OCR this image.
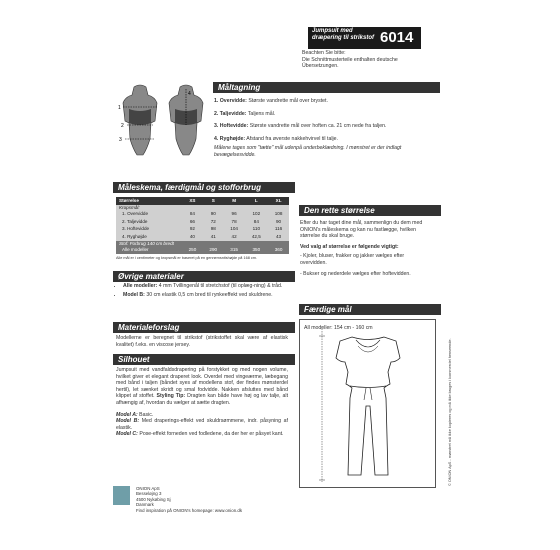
Jumpsuit med
dræpering til strikstof 6014
Beachten Sie bitte:
Die Schnittmusterteile enthalten deutsche
Übersetzungen.
1
2
3
4
Måltagning
1. Overvidde: Største vandrette mål over brystet.
2. Taljevidde: Taljens mål.
3. Hoftevidde: Største vandrette mål over hoften ca. 21 cm nede fra taljen.
4. Ryghøjde: Afstand fra øverste nakkehvirvel til talje.
Målene tages som "tætte" mål udenpå underbeklædning. I mønstret er der indlagt bevægelsesvidde.
Måleskema, færdigmål og stofforbrug
Størrelse	XS	S	M	L	XL
Kropsmål:					
1. Overvidde	84	90	96	102	108
2. Taljevidde	66	72	78	84	90
3. Hoftevidde	92	98	104	110	116
4. Ryghøjde	40	41	42	42,5	43
Stof: Forbrug 140 cm bredt					
Alle modeller	250	290	315	350	360
Alle mål er i centimeter og kropsmål er baseret på en gennemsnitshøjde på 168 cm.
Øvrige materialer
• Alle modeller: 4 mm Tvillingenål til stretchstof (til oplæg-ning) & tråd.
• Model B: 30 cm elastik 0,5 cm bred til rynkeeffekt ved skuldrene.
Materialeforslag
Modellerne er beregnet til strikstof (strikstoffet skal være af elastisk kvalitet) f.eks. en viscose jersey.
Silhouet
Jumpsuit med vandfaldsdrapering på forstykket og med nogen volume, hvilket giver et elegant draperet look. Overdel med vingeærme, læbegang med bånd i taljen (båndet syes af modellens stof, der findes mønsterdel hertil), let sænket skridt og smal fodvidde. Nakken afsluttes med bånd klippet af stoffet. Styling Tip: Dragten kan både have høj og lav talje, alt afhængig af, hvordan du vælger at sætte dragten.
Model A: Basic.
Model B: Med draperings-effekt ved skuldrsømmene, indr. påsyning af elastik.
Model C: Pose-effekt forneden ved fodledene, da der her er påsyet kant.
Den rette størrelse
Efter du har taget dine mål, sammenlign du dem med ONION's måleskema og kan nu fastlægge, hvilken størrelse du skal bruge.
Ved valg af størrelse er følgende vigtigt:
- Kjoler, bluser, frakker og jakker vælges efter overvidden.
- Bukser og nederdele vælges efter hoftevidden.
Færdige mål
All modeller: 154 cm - 160 cm
ONION ApS
Besseløjng 3
4500 Nykøbing Sj
Danmark
Find inspiration på ONION's homepage: www.onion.dk
© ONION ApS - mønstret må ikke kopieres og må ikke bruges i kommerciel henseende.
